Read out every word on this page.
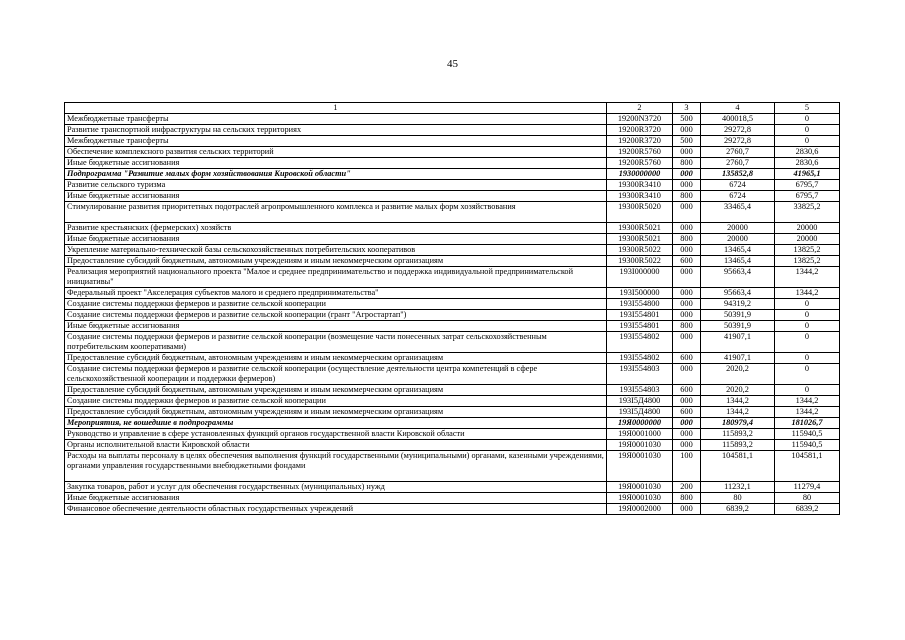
45
1	2	3	4	5
Межбюджетные трансферты	19200N3720	500	400018,5	0
Развитие транспортной инфраструктуры на сельских территориях	19200R3720	000	29272,8	0
Межбюджетные трансферты	19200R3720	500	29272,8	0
Обеспечение комплексного развития сельских территорий	19200R5760	000	2760,7	2830,6
Иные бюджетные ассигнования	19200R5760	800	2760,7	2830,6
Подпрограмма "Развитие малых форм хозяйствования Кировской области"	1930000000	000	135852,8	41965,1
Развитие сельского туризма	19300R3410	000	6724	6795,7
Иные бюджетные ассигнования	19300R3410	800	6724	6795,7
Стимулирование развития приоритетных подотраслей агропромышленного комплекса и развитие малых форм хозяйствования	19300R5020	000	33465,4	33825,2
Развитие крестьянских (фермерских) хозяйств	19300R5021	000	20000	20000
Иные бюджетные ассигнования	19300R5021	800	20000	20000
Укрепление материально-технической базы сельскохозяйственных потребительских кооперативов	19300R5022	000	13465,4	13825,2
Предоставление субсидий бюджетным, автономным учреждениям и иным некоммерческим организациям	19300R5022	600	13465,4	13825,2
Реализация мероприятий национального проекта "Малое и среднее предпринимательство и поддержка индивидуальной предпринимательской инициативы"	193I000000	000	95663,4	1344,2
Федеральный проект "Акселерация субъектов малого и среднего предпринимательства"	193I500000	000	95663,4	1344,2
Создание системы поддержки фермеров и развитие сельской кооперации	193I554800	000	94319,2	0
Создание системы поддержки фермеров и развитие сельской кооперации (грант "Агростартап")	193I554801	000	50391,9	0
Иные бюджетные ассигнования	193I554801	800	50391,9	0
Создание системы поддержки фермеров и развитие сельской кооперации (возмещение части понесенных затрат сельскохозяйственным потребительским кооперативами)	193I554802	000	41907,1	0
Предоставление субсидий бюджетным, автономным учреждениям и иным некоммерческим организациям	193I554802	600	41907,1	0
Создание системы поддержки фермеров и развитие сельской кооперации (осуществление деятельности центра компетенций в сфере сельскохозяйственной кооперации и поддержки фермеров)	193I554803	000	2020,2	0
Предоставление субсидий бюджетным, автономным учреждениям и иным некоммерческим организациям	193I554803	600	2020,2	0
Создание системы поддержки фермеров и развитие сельской кооперации	193I5Д4800	000	1344,2	1344,2
Предоставление субсидий бюджетным, автономным учреждениям и иным некоммерческим организациям	193I5Д4800	600	1344,2	1344,2
Мероприятия, не вошедшие в подпрограммы	19Я0000000	000	180979,4	181026,7
Руководство и управление в сфере установленных функций органов государственной власти Кировской области	19Я0001000	000	115893,2	115940,5
Органы исполнительной власти Кировской области	19Я0001030	000	115893,2	115940,5
Расходы на выплаты персоналу в целях обеспечения выполнения функций государственными (муниципальными) органами, казенными учреждениями, органами управления государственными внебюджетными фондами	19Я0001030	100	104581,1	104581,1
Закупка товаров, работ и услуг для обеспечения государственных (муниципальных) нужд	19Я0001030	200	11232,1	11279,4
Иные бюджетные ассигнования	19Я0001030	800	80	80
Финансовое обеспечение деятельности областных государственных учреждений	19Я0002000	000	6839,2	6839,2
